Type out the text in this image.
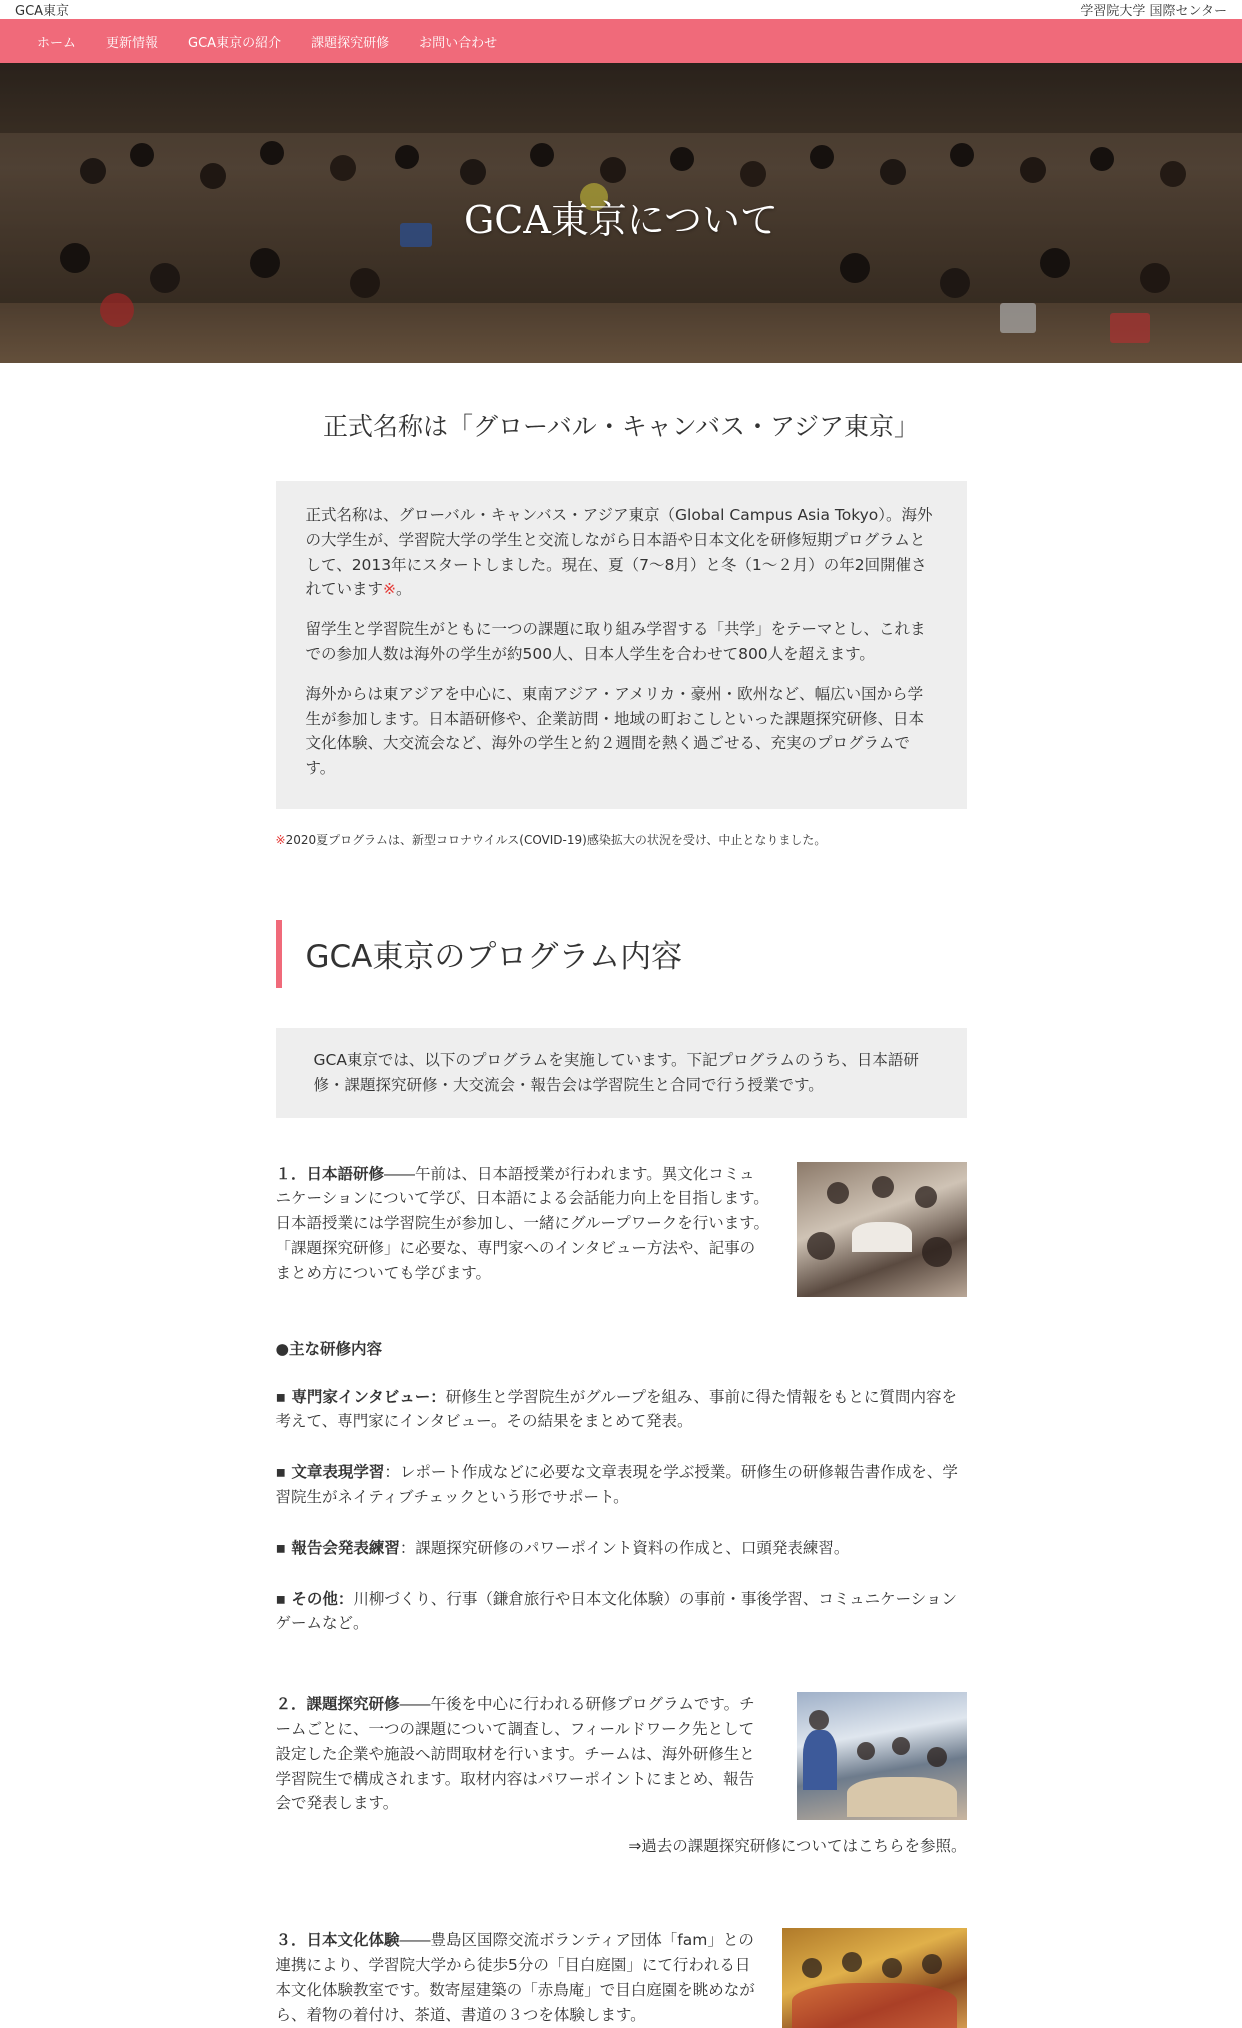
GCA東京	学習院大学 国際センター
ホーム 更新情報 GCA東京の紹介 課題探究研修 お問い合わせ
GCA東京について
正式名称は「グローバル・キャンバス・アジア東京」

正式名称は、グローバル・キャンバス・アジア東京（Global Campus Asia Tokyo）。海外の大学生が、学習院大学の学生と交流しながら日本語や日本文化を研修短期プログラムとして、2013年にスタートしました。現在、夏（7～8月）と冬（1～２月）の年2回開催されています※。

留学生と学習院生がともに一つの課題に取り組み学習する「共学」をテーマとし、これまでの参加人数は海外の学生が約500人、日本人学生を合わせて800人を超えます。

海外からは東アジアを中心に、東南アジア・アメリカ・豪州・欧州など、幅広い国から学生が参加します。日本語研修や、企業訪問・地域の町おこしといった課題探究研修、日本文化体験、大交流会など、海外の学生と約２週間を熱く過ごせる、充実のプログラムです。

※2020夏プログラムは、新型コロナウイルス(COVID-19)感染拡大の状況を受け、中止となりました。

GCA東京のプログラム内容
GCA東京では、以下のプログラムを実施しています。下記プログラムのうち、日本語研修・課題探究研修・大交流会・報告会は学習院生と合同で行う授業です。
１．日本語研修――午前は、日本語授業が行われます。異文化コミュニケーションについて学び、日本語による会話能力向上を目指します。日本語授業には学習院生が参加し、一緒にグループワークを行います。「課題探究研修」に必要な、専門家へのインタビュー方法や、記事のまとめ方についても学びます。
●主な研修内容
▪ 専門家インタビュー：研修生と学習院生がグループを組み、事前に得た情報をもとに質問内容を考えて、専門家にインタビュー。その結果をまとめて発表。
▪ 文章表現学習：レポート作成などに必要な文章表現を学ぶ授業。研修生の研修報告書作成を、学習院生がネイティブチェックという形でサポート。
▪ 報告会発表練習：課題探究研修のパワーポイント資料の作成と、口頭発表練習。
▪ その他：川柳づくり、行事（鎌倉旅行や日本文化体験）の事前・事後学習、コミュニケーションゲームなど。
２．課題探究研修――午後を中心に行われる研修プログラムです。チームごとに、一つの課題について調査し、フィールドワーク先として設定した企業や施設へ訪問取材を行います。チームは、海外研修生と学習院生で構成されます。取材内容はパワーポイントにまとめ、報告会で発表します。
⇒過去の課題探究研修についてはこちらを参照。
３．日本文化体験――豊島区国際交流ボランティア団体「fam」との連携により、学習院大学から徒歩5分の「目白庭園」にて行われる日本文化体験教室です。数寄屋建築の「赤鳥庵」で目白庭園を眺めながら、着物の着付け、茶道、書道の３つを体験します。
